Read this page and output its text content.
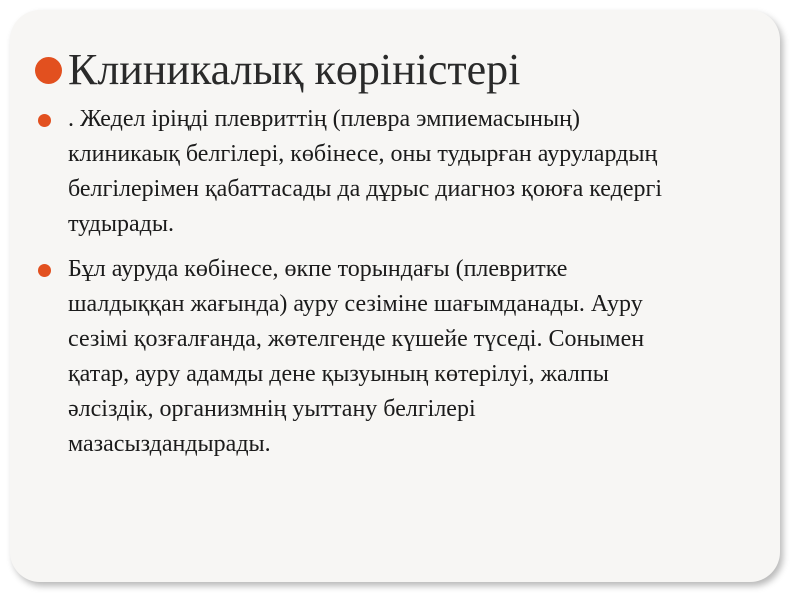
Клиникалық көріністері
. Жедел іріңді плевриттің (плевра эмпиемасының)
клиникаық белгілері, көбінесе, оны тудырған аурулардың
белгілерімен қабаттасады да дұрыс диагноз қоюға кедергі
тудырады.
Бұл ауруда көбінесе, өкпе торындағы (плевритке
шалдыққан жағында) ауру сезіміне шағымданады. Ауру
сезімі қозғалғанда, жөтелгенде күшейе түседі. Сонымен
қатар, ауру адамды дене қызуының көтерілуі, жалпы
әлсіздік, организмнің уыттану белгілері
мазасыздандырады.
